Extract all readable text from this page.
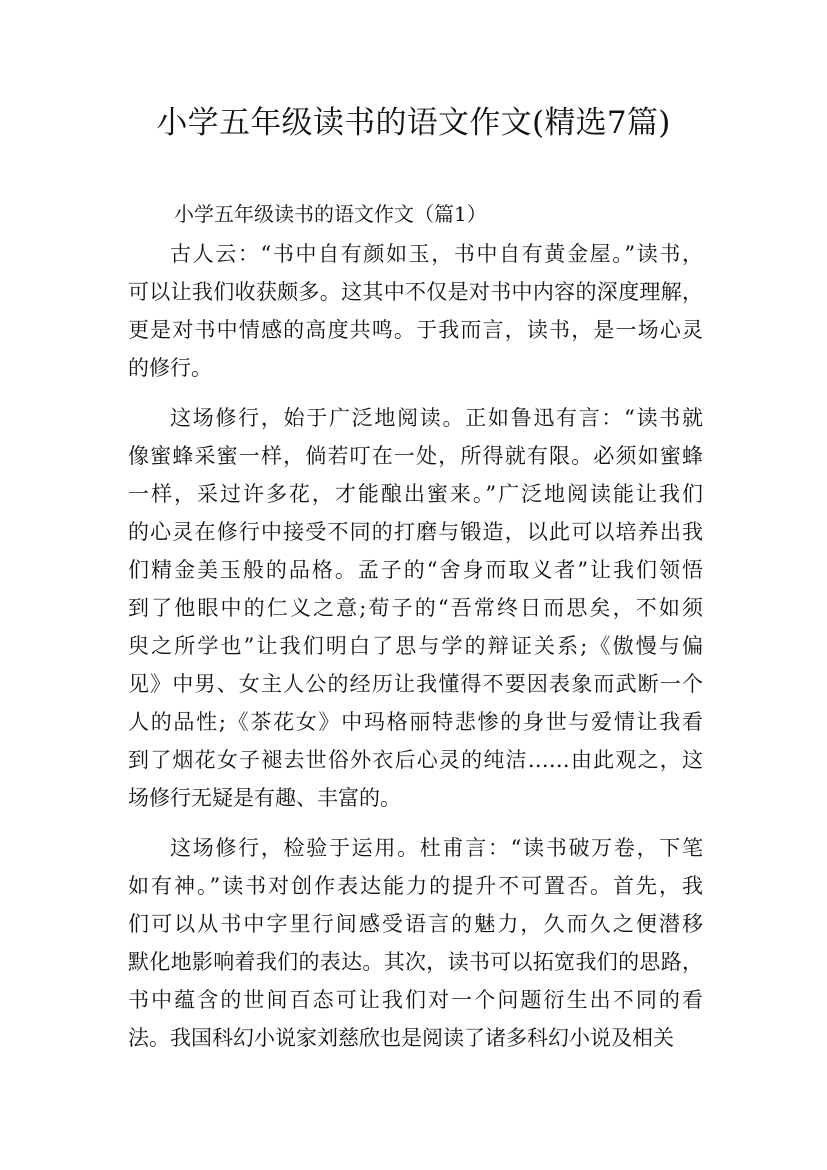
小学五年级读书的语文作文(精选7篇)
小学五年级读书的语文作文（篇1）
古人云：“书中自有颜如玉，书中自有黄金屋。”读书，
可以让我们收获颇多。这其中不仅是对书中内容的深度理解，
更是对书中情感的高度共鸣。于我而言，读书，是一场心灵
的修行。
这场修行，始于广泛地阅读。正如鲁迅有言：“读书就
像蜜蜂采蜜一样，倘若叮在一处，所得就有限。必须如蜜蜂
一样，采过许多花，才能酿出蜜来。”广泛地阅读能让我们
的心灵在修行中接受不同的打磨与锻造，以此可以培养出我
们精金美玉般的品格。孟子的“舍身而取义者”让我们领悟
到了他眼中的仁义之意;荀子的“吾常终日而思矣，不如须
臾之所学也”让我们明白了思与学的辩证关系;《傲慢与偏
见》中男、女主人公的经历让我懂得不要因表象而武断一个
人的品性;《茶花女》中玛格丽特悲惨的身世与爱情让我看
到了烟花女子褪去世俗外衣后心灵的纯洁……由此观之，这
场修行无疑是有趣、丰富的。
这场修行，检验于运用。杜甫言：“读书破万卷，下笔
如有神。”读书对创作表达能力的提升不可置否。首先，我
们可以从书中字里行间感受语言的魅力，久而久之便潜移
默化地影响着我们的表达。其次，读书可以拓宽我们的思路，
书中蕴含的世间百态可让我们对一个问题衍生出不同的看
法。我国科幻小说家刘慈欣也是阅读了诸多科幻小说及相关
